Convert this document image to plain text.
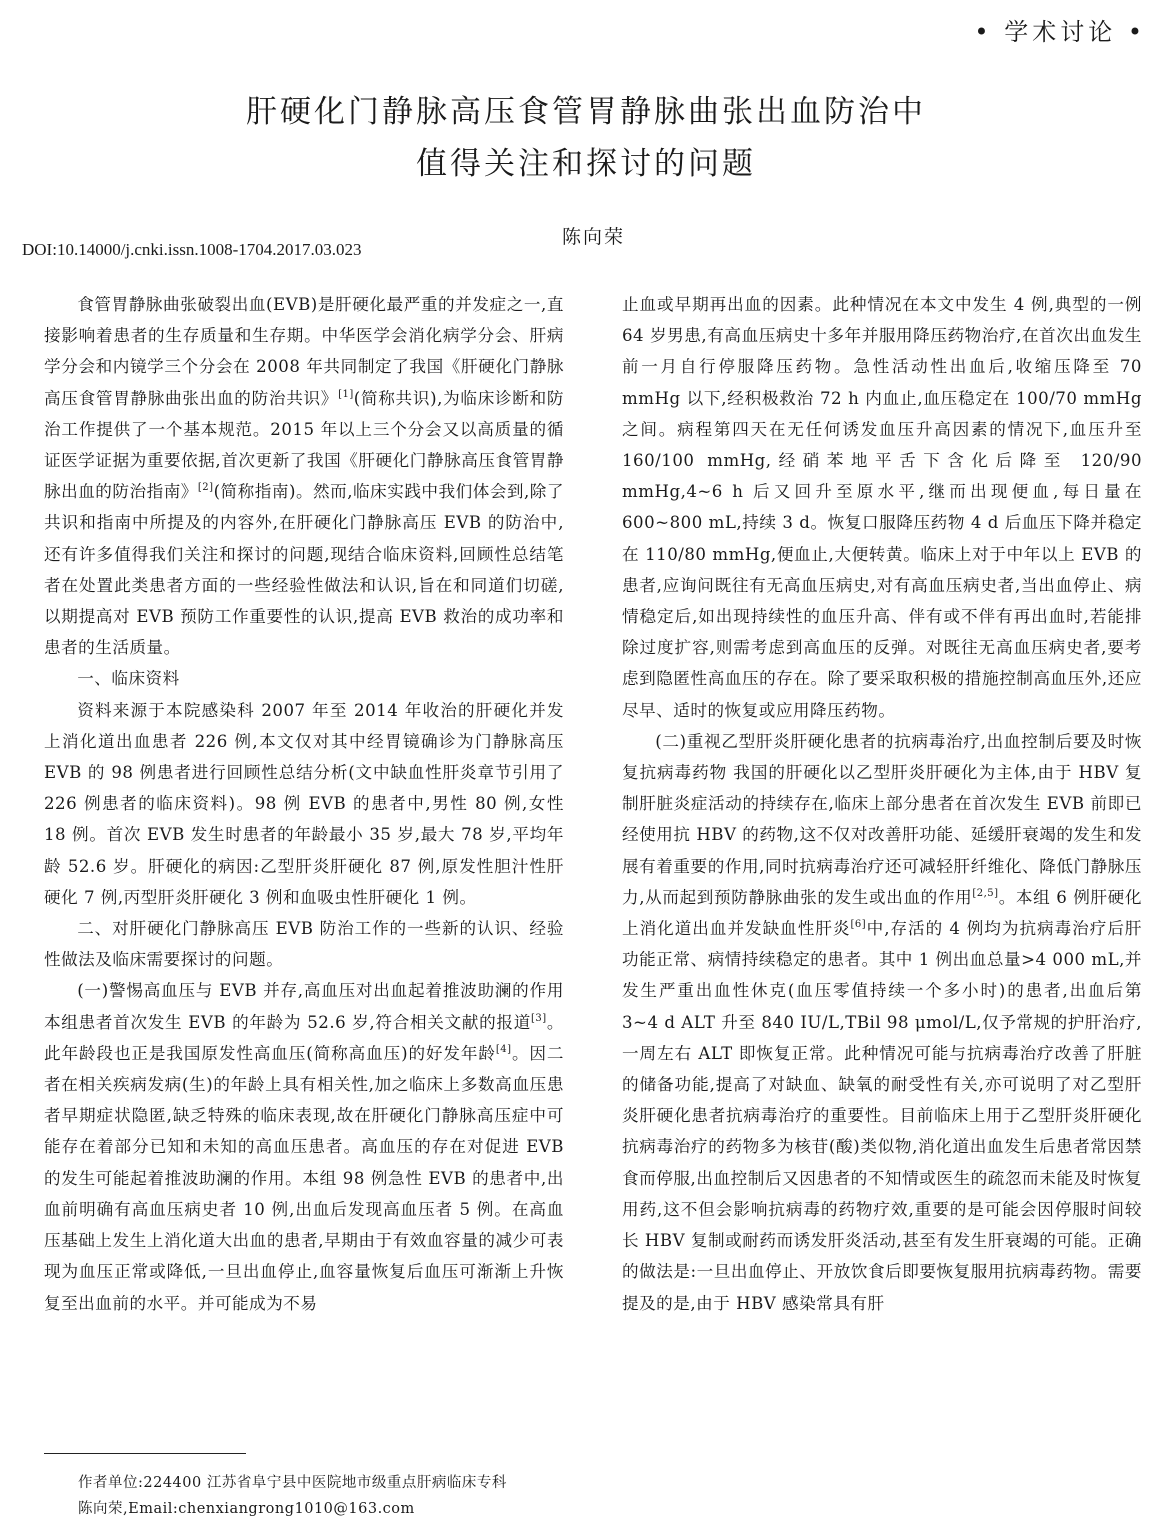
• 学术讨论 •
肝硬化门静脉高压食管胃静脉曲张出血防治中
值得关注和探讨的问题
陈向荣
DOI:10.14000/j.cnki.issn.1008-1704.2017.03.023

食管胃静脉曲张破裂出血(EVB)是肝硬化最严重的并发症之一,直接影响着患者的生存质量和生存期。中华医学会消化病学分会、肝病学分会和内镜学三个分会在 2008 年共同制定了我国《肝硬化门静脉高压食管胃静脉曲张出血的防治共识》[1](简称共识),为临床诊断和防治工作提供了一个基本规范。2015 年以上三个分会又以高质量的循证医学证据为重要依据,首次更新了我国《肝硬化门静脉高压食管胃静脉出血的防治指南》[2](简称指南)。然而,临床实践中我们体会到,除了共识和指南中所提及的内容外,在肝硬化门静脉高压 EVB 的防治中,还有许多值得我们关注和探讨的问题,现结合临床资料,回顾性总结笔者在处置此类患者方面的一些经验性做法和认识,旨在和同道们切磋,以期提高对 EVB 预防工作重要性的认识,提高 EVB 救治的成功率和患者的生活质量。

一、临床资料

资料来源于本院感染科 2007 年至 2014 年收治的肝硬化并发上消化道出血患者 226 例,本文仅对其中经胃镜确诊为门静脉高压 EVB 的 98 例患者进行回顾性总结分析(文中缺血性肝炎章节引用了 226 例患者的临床资料)。98 例 EVB 的患者中,男性 80 例,女性 18 例。首次 EVB 发生时患者的年龄最小 35 岁,最大 78 岁,平均年龄 52.6 岁。肝硬化的病因:乙型肝炎肝硬化 87 例,原发性胆汁性肝硬化 7 例,丙型肝炎肝硬化 3 例和血吸虫性肝硬化 1 例。

二、对肝硬化门静脉高压 EVB 防治工作的一些新的认识、经验性做法及临床需要探讨的问题。

(一)警惕高血压与 EVB 并存,高血压对出血起着推波助澜的作用 本组患者首次发生 EVB 的年龄为 52.6 岁,符合相关文献的报道[3]。此年龄段也正是我国原发性高血压(简称高血压)的好发年龄[4]。因二者在相关疾病发病(生)的年龄上具有相关性,加之临床上多数高血压患者早期症状隐匿,缺乏特殊的临床表现,故在肝硬化门静脉高压症中可能存在着部分已知和未知的高血压患者。高血压的存在对促进 EVB 的发生可能起着推波助澜的作用。本组 98 例急性 EVB 的患者中,出血前明确有高血压病史者 10 例,出血后发现高血压者 5 例。在高血压基础上发生上消化道大出血的患者,早期由于有效血容量的减少可表现为血压正常或降低,一旦出血停止,血容量恢复后血压可渐渐上升恢复至出血前的水平。并可能成为不易

止血或早期再出血的因素。此种情况在本文中发生 4 例,典型的一例 64 岁男患,有高血压病史十多年并服用降压药物治疗,在首次出血发生前一月自行停服降压药物。急性活动性出血后,收缩压降至 70 mmHg 以下,经积极救治 72 h 内血止,血压稳定在 100/70 mmHg 之间。病程第四天在无任何诱发血压升高因素的情况下,血压升至 160/100 mmHg,经硝苯地平舌下含化后降至 120/90 mmHg,4~6 h 后又回升至原水平,继而出现便血,每日量在 600~800 mL,持续 3 d。恢复口服降压药物 4 d 后血压下降并稳定在 110/80 mmHg,便血止,大便转黄。临床上对于中年以上 EVB 的患者,应询问既往有无高血压病史,对有高血压病史者,当出血停止、病情稳定后,如出现持续性的血压升高、伴有或不伴有再出血时,若能排除过度扩容,则需考虑到高血压的反弹。对既往无高血压病史者,要考虑到隐匿性高血压的存在。除了要采取积极的措施控制高血压外,还应尽早、适时的恢复或应用降压药物。

(二)重视乙型肝炎肝硬化患者的抗病毒治疗,出血控制后要及时恢复抗病毒药物 我国的肝硬化以乙型肝炎肝硬化为主体,由于 HBV 复制肝脏炎症活动的持续存在,临床上部分患者在首次发生 EVB 前即已经使用抗 HBV 的药物,这不仅对改善肝功能、延缓肝衰竭的发生和发展有着重要的作用,同时抗病毒治疗还可减轻肝纤维化、降低门静脉压力,从而起到预防静脉曲张的发生或出血的作用[2,5]。本组 6 例肝硬化上消化道出血并发缺血性肝炎[6]中,存活的 4 例均为抗病毒治疗后肝功能正常、病情持续稳定的患者。其中 1 例出血总量>4 000 mL,并发生严重出血性休克(血压零值持续一个多小时)的患者,出血后第 3~4 d ALT 升至 840 IU/L,TBil 98 μmol/L,仅予常规的护肝治疗,一周左右 ALT 即恢复正常。此种情况可能与抗病毒治疗改善了肝脏的储备功能,提高了对缺血、缺氧的耐受性有关,亦可说明了对乙型肝炎肝硬化患者抗病毒治疗的重要性。目前临床上用于乙型肝炎肝硬化抗病毒治疗的药物多为核苷(酸)类似物,消化道出血发生后患者常因禁食而停服,出血控制后又因患者的不知情或医生的疏忽而未能及时恢复用药,这不但会影响抗病毒的药物疗效,重要的是可能会因停服时间较长 HBV 复制或耐药而诱发肝炎活动,甚至有发生肝衰竭的可能。正确的做法是:一旦出血停止、开放饮食后即要恢复服用抗病毒药物。需要提及的是,由于 HBV 感染常具有肝

作者单位:224400 江苏省阜宁县中医院地市级重点肝病临床专科
陈向荣,Email:chenxiangrong1010@163.com
